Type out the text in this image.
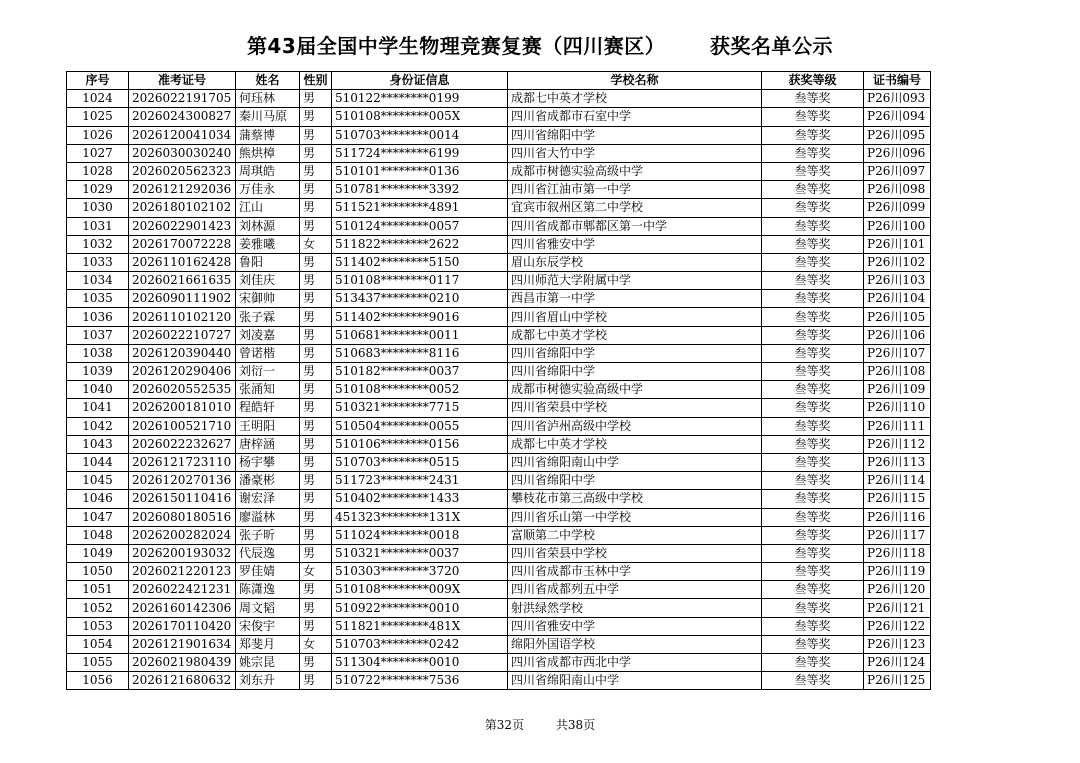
第43届全国中学生物理竞赛复赛（四川赛区）      获奖名单公示
序号	准考证号	姓名	性别	身份证信息	学校名称	获奖等级	证书编号
1024	2026022191705	何珏林	男	510122********0199	成都七中英才学校	叁等奖	P26川093
1025	2026024300827	秦川马原	男	510108********005X	四川省成都市石室中学	叁等奖	P26川094
1026	2026120041034	蒲蔡博	男	510703********0014	四川省绵阳中学	叁等奖	P26川095
1027	2026030030240	熊烘樟	男	511724********6199	四川省大竹中学	叁等奖	P26川096
1028	2026020562323	周琪皓	男	510101********0136	成都市树德实验高级中学	叁等奖	P26川097
1029	2026121292036	万佳永	男	510781********3392	四川省江油市第一中学	叁等奖	P26川098
1030	2026180102102	江山	男	511521********4891	宜宾市叙州区第二中学校	叁等奖	P26川099
1031	2026022901423	刘林源	男	510124********0057	四川省成都市郫都区第一中学	叁等奖	P26川100
1032	2026170072228	姜雅曦	女	511822********2622	四川省雅安中学	叁等奖	P26川101
1033	2026110162428	鲁阳	男	511402********5150	眉山东辰学校	叁等奖	P26川102
1034	2026021661635	刘佳庆	男	510108********0117	四川师范大学附属中学	叁等奖	P26川103
1035	2026090111902	宋御帅	男	513437********0210	西昌市第一中学	叁等奖	P26川104
1036	2026110102120	张子霖	男	511402********9016	四川省眉山中学校	叁等奖	P26川105
1037	2026022210727	刘凌嘉	男	510681********0011	成都七中英才学校	叁等奖	P26川106
1038	2026120390440	曾诺楷	男	510683********8116	四川省绵阳中学	叁等奖	P26川107
1039	2026120290406	刘衍一	男	510182********0037	四川省绵阳中学	叁等奖	P26川108
1040	2026020552535	张涌知	男	510108********0052	成都市树德实验高级中学	叁等奖	P26川109
1041	2026200181010	程皓轩	男	510321********7715	四川省荣县中学校	叁等奖	P26川110
1042	2026100521710	王明阳	男	510504********0055	四川省泸州高级中学校	叁等奖	P26川111
1043	2026022232627	唐梓涵	男	510106********0156	成都七中英才学校	叁等奖	P26川112
1044	2026121723110	杨宇攀	男	510703********0515	四川省绵阳南山中学	叁等奖	P26川113
1045	2026120270136	潘豪彬	男	511723********2431	四川省绵阳中学	叁等奖	P26川114
1046	2026150110416	谢宏泽	男	510402********1433	攀枝花市第三高级中学校	叁等奖	P26川115
1047	2026080180516	廖溢林	男	451323********131X	四川省乐山第一中学校	叁等奖	P26川116
1048	2026200282024	张子昕	男	511024********0018	富顺第二中学校	叁等奖	P26川117
1049	2026200193032	代辰逸	男	510321********0037	四川省荣县中学校	叁等奖	P26川118
1050	2026021220123	罗佳婧	女	510303********3720	四川省成都市玉林中学	叁等奖	P26川119
1051	2026022421231	陈潇逸	男	510108********009X	四川省成都列五中学	叁等奖	P26川120
1052	2026160142306	周文韬	男	510922********0010	射洪绿然学校	叁等奖	P26川121
1053	2026170110420	宋俊宇	男	511821********481X	四川省雅安中学	叁等奖	P26川122
1054	2026121901634	郑斐月	女	510703********0242	绵阳外国语学校	叁等奖	P26川123
1055	2026021980439	姚宗昆	男	511304********0010	四川省成都市西北中学	叁等奖	P26川124
1056	2026121680632	刘东升	男	510722********7536	四川省绵阳南山中学	叁等奖	P26川125
第32页	共38页
